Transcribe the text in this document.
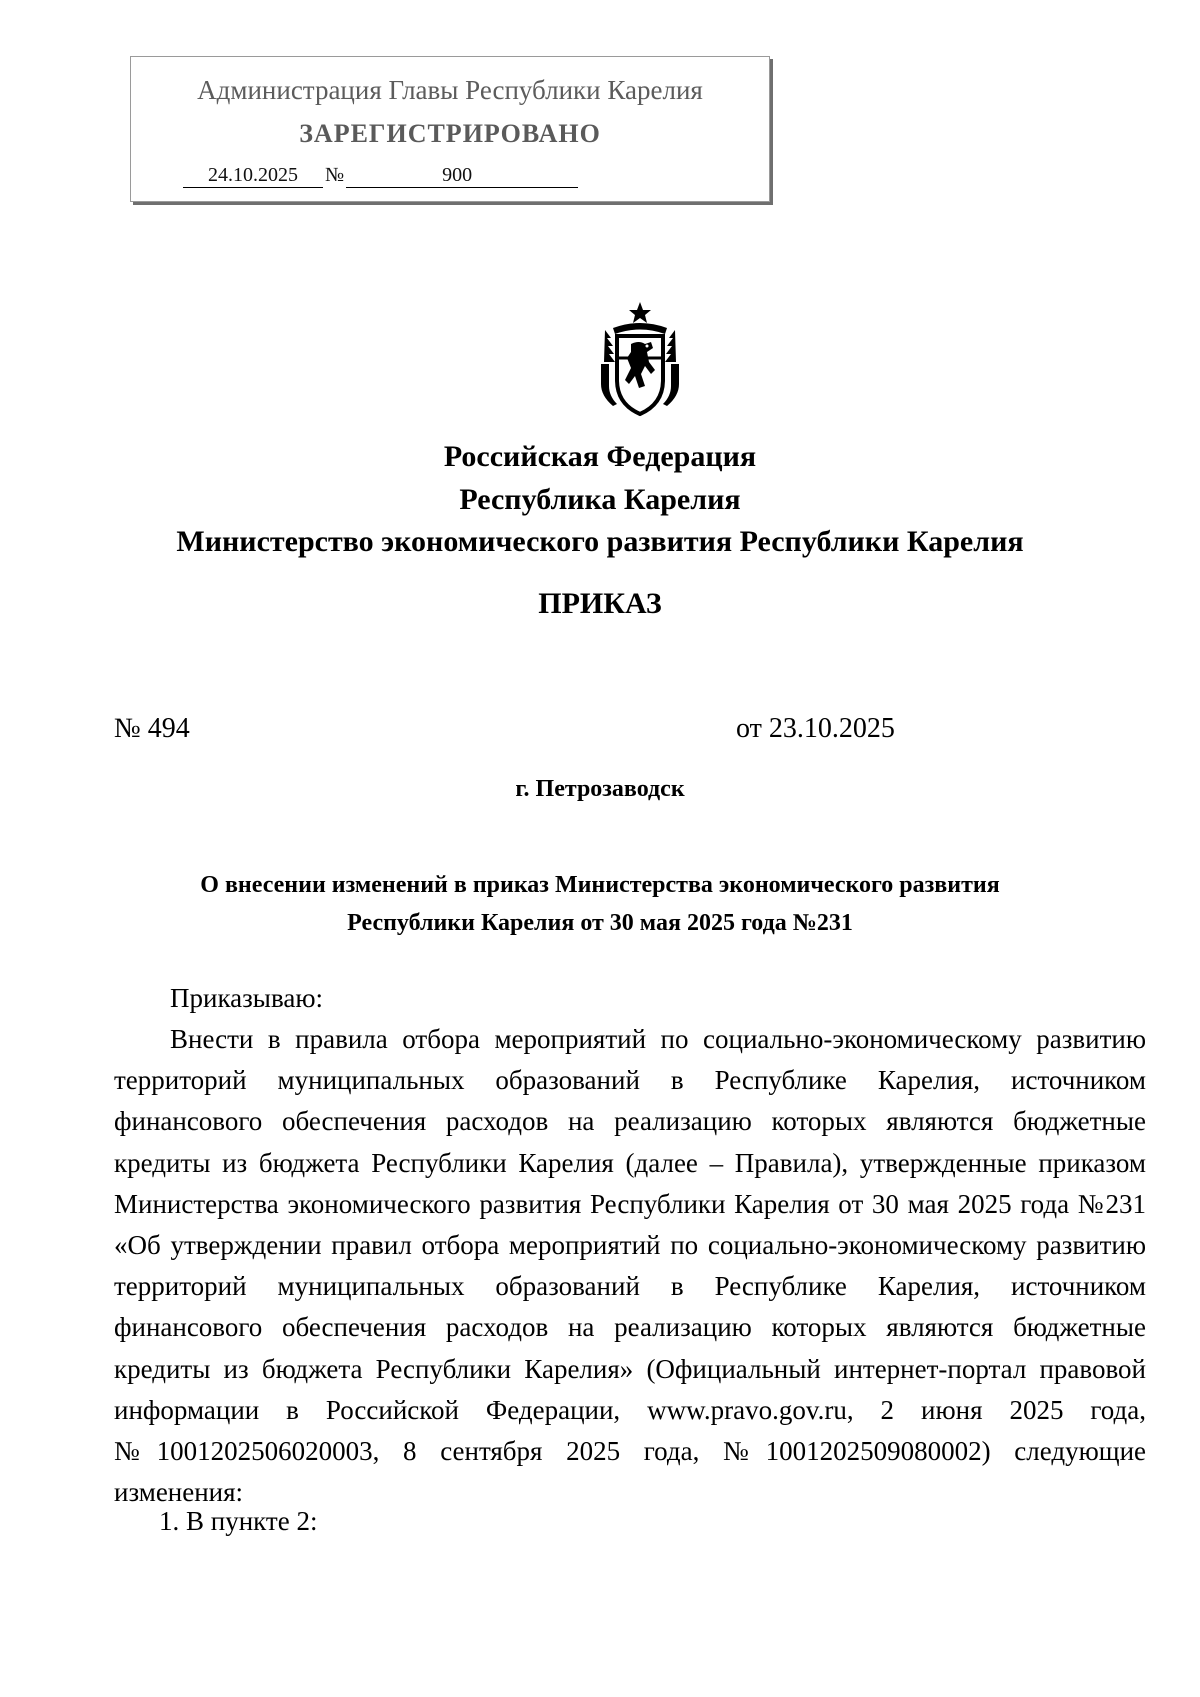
Администрация Главы Республики Карелия
ЗАРЕГИСТРИРОВАНО
24.10.2025 №	900
Российская Федерация
Республика Карелия
Министерство экономического развития Республики Карелия
ПРИКАЗ
№ 494	от 23.10.2025
г. Петрозаводск
О внесении изменений в приказ Министерства экономического развития
Республики Карелия от 30 мая 2025 года №231
Приказываю:
Внести в правила отбора мероприятий по социально-экономическому развитию территорий муниципальных образований в Республике Карелия, источником финансового обеспечения расходов на реализацию которых являются бюджетные кредиты из бюджета Республики Карелия (далее – Правила), утвержденные приказом Министерства экономического развития Республики Карелия от 30 мая 2025 года №231 «Об утверждении правил отбора мероприятий по социально-экономическому развитию территорий муниципальных образований в Республике Карелия, источником финансового обеспечения расходов на реализацию которых являются бюджетные кредиты из бюджета Республики Карелия» (Официальный интернет-портал правовой информации в Российской Федерации, www.pravo.gov.ru, 2 июня 2025 года, №1001202506020003, 8 сентября 2025 года, №1001202509080002) следующие изменения:
1. В пункте 2:
